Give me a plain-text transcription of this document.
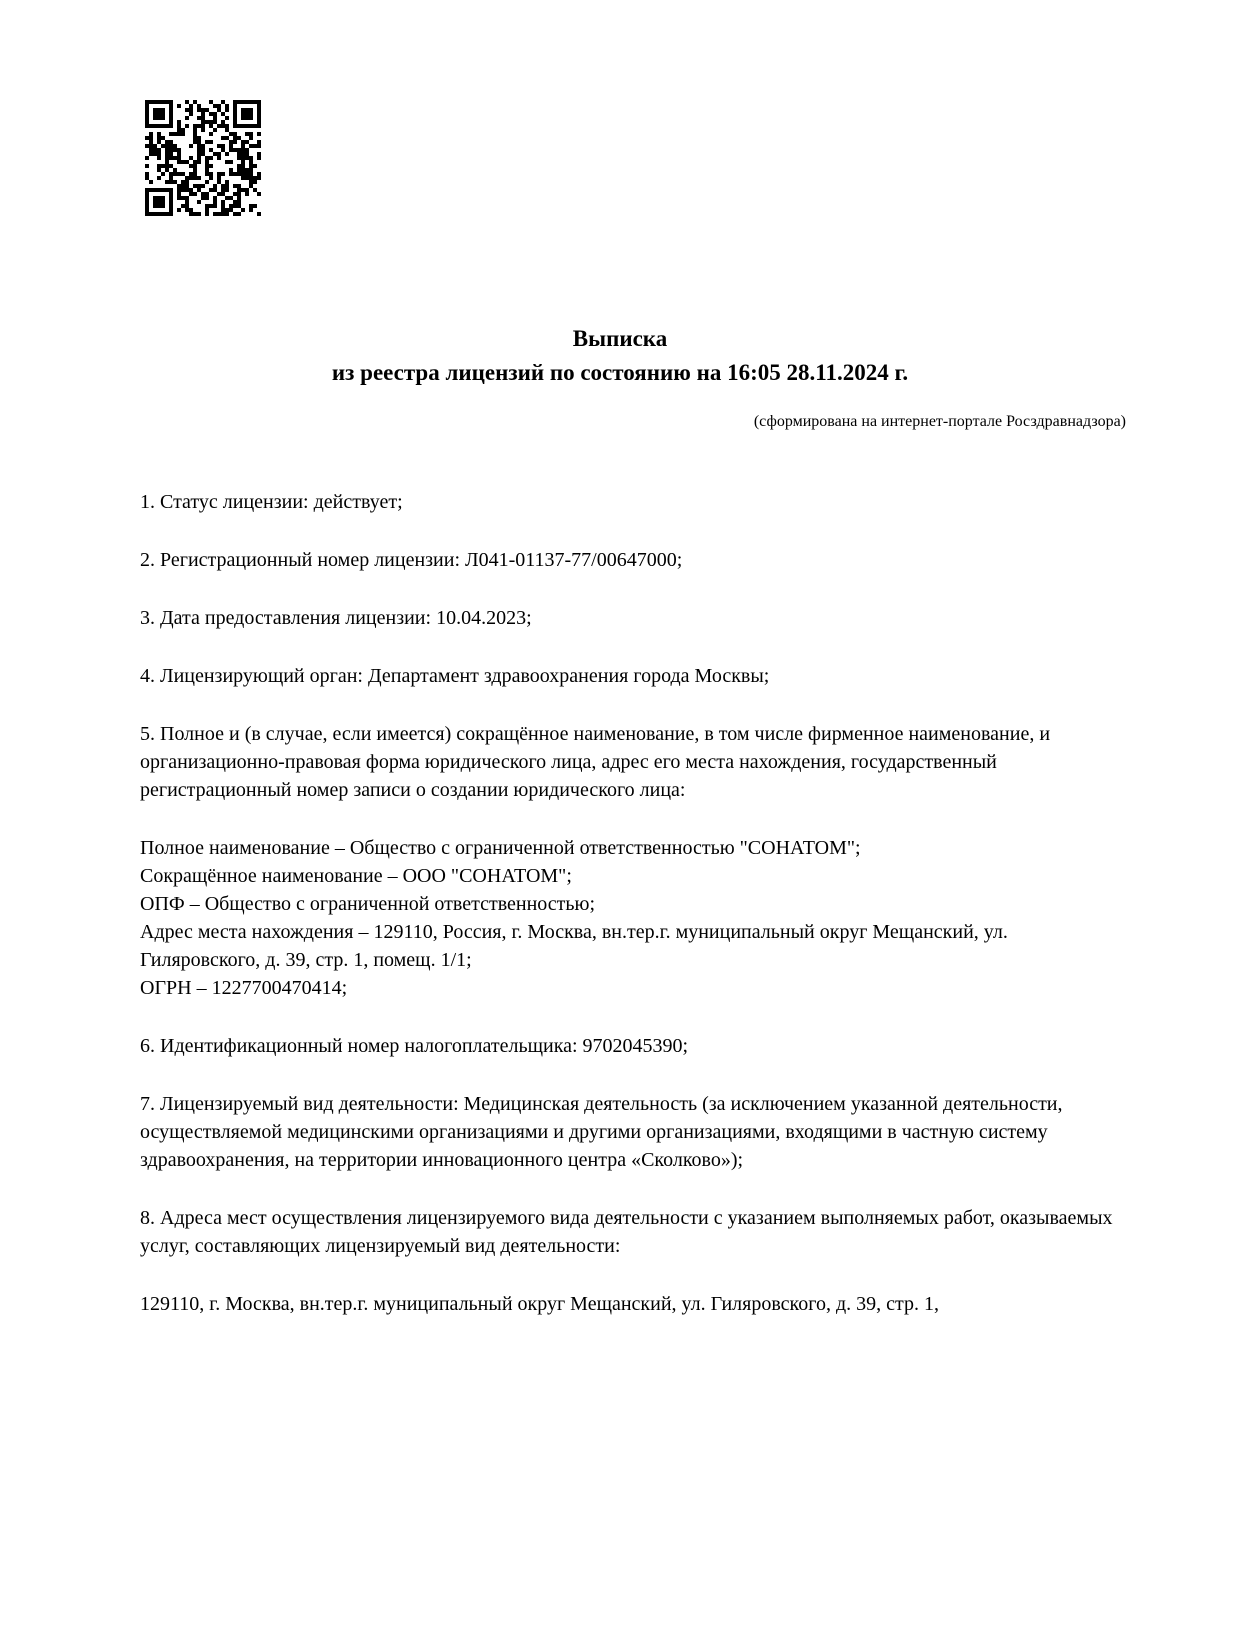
Выписка
из реестра лицензий по состоянию на 16:05 28.11.2024 г.
(сформирована на интернет-портале Росздравнадзора)

1. Статус лицензии: действует;

2. Регистрационный номер лицензии: Л041-01137-77/00647000;

3. Дата предоставления лицензии: 10.04.2023;

4. Лицензирующий орган: Департамент здравоохранения города Москвы;

5. Полное и (в случае, если имеется) сокращённое наименование, в том числе фирменное наименование, и организационно-правовая форма юридического лица, адрес его места нахождения, государственный регистрационный номер записи о создании юридического лица:

Полное наименование – Общество с ограниченной ответственностью "СОНАТОМ";
Сокращённое наименование – ООО "СОНАТОМ";
ОПФ – Общество с ограниченной ответственностью;
Адрес места нахождения – 129110, Россия, г. Москва, вн.тер.г. муниципальный округ Мещанский, ул. Гиляровского, д. 39, стр. 1, помещ. 1/1;
ОГРН – 1227700470414;

6. Идентификационный номер налогоплательщика: 9702045390;

7. Лицензируемый вид деятельности: Медицинская деятельность (за исключением указанной деятельности, осуществляемой медицинскими организациями и другими организациями, входящими в частную систему здравоохранения, на территории инновационного центра «Сколково»);

8. Адреса мест осуществления лицензируемого вида деятельности с указанием выполняемых работ, оказываемых услуг, составляющих лицензируемый вид деятельности:

129110, г. Москва, вн.тер.г. муниципальный округ Мещанский, ул. Гиляровского, д. 39, стр. 1,
